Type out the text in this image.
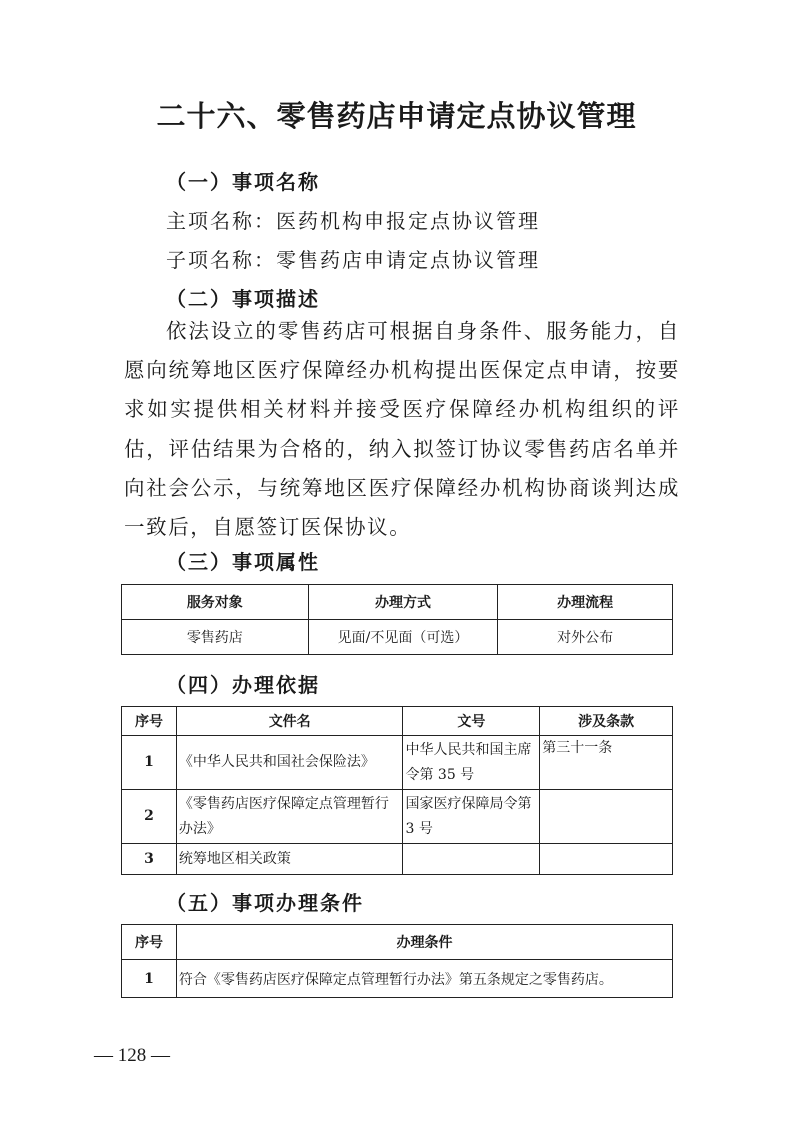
二十六、零售药店申请定点协议管理
（一）事项名称
主项名称：医药机构申报定点协议管理
子项名称：零售药店申请定点协议管理
（二）事项描述

依法设立的零售药店可根据自身条件、服务能力，自愿向统筹地区医疗保障经办机构提出医保定点申请，按要求如实提供相关材料并接受医疗保障经办机构组织的评估，评估结果为合格的，纳入拟签订协议零售药店名单并向社会公示，与统筹地区医疗保障经办机构协商谈判达成一致后，自愿签订医保协议。

（三）事项属性
服务对象	办理方式	办理流程
零售药店	见面/不见面（可选）	对外公布
（四）办理依据
序号	文件名	文号	涉及条款
1	《中华人民共和国社会保险法》	中华人民共和国主席令第 35 号	第三十一条
2	《零售药店医疗保障定点管理暂行办法》	国家医疗保障局令第 3 号	
3	统筹地区相关政策		
（五）事项办理条件
序号	办理条件
1	符合《零售药店医疗保障定点管理暂行办法》第五条规定之零售药店。
— 128 —
